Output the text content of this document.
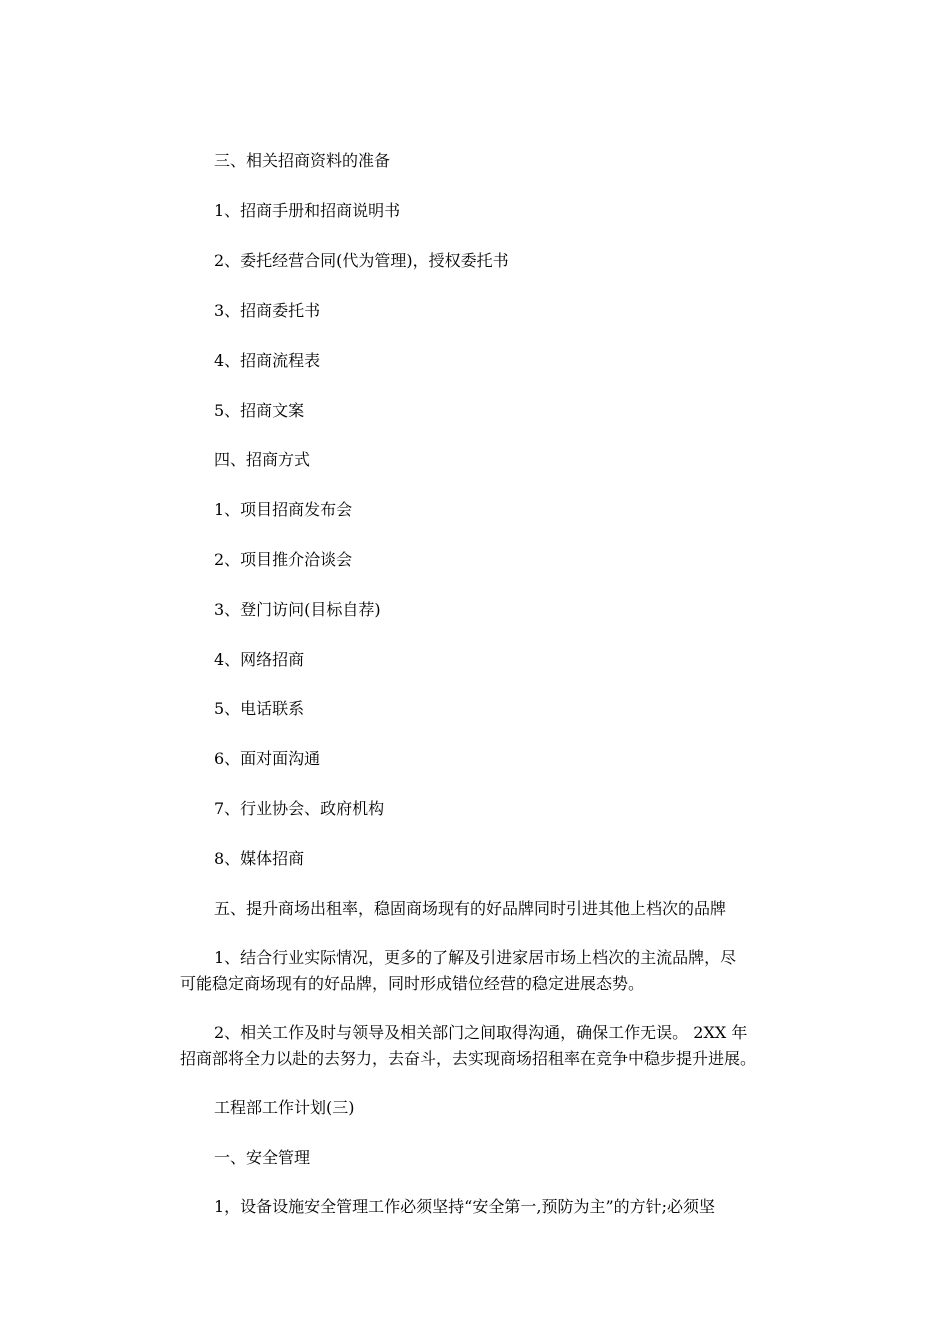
三、相关招商资料的准备
1、招商手册和招商说明书
2、委托经营合同(代为管理)，授权委托书
3、招商委托书
4、招商流程表
5、招商文案
四、招商方式
1、项目招商发布会
2、项目推介洽谈会
3、登门访问(目标自荐)
4、网络招商
5、电话联系
6、面对面沟通
7、行业协会、政府机构
8、媒体招商
五、提升商场出租率，稳固商场现有的好品牌同时引进其他上档次的品牌
1、结合行业实际情况，更多的了解及引进家居市场上档次的主流品牌，尽
可能稳定商场现有的好品牌，同时形成错位经营的稳定进展态势。
2、相关工作及时与领导及相关部门之间取得沟通，确保工作无误。 2XX 年
招商部将全力以赴的去努力，去奋斗，去实现商场招租率在竞争中稳步提升进展。
工程部工作计划(三)
一、安全管理
1，设备设施安全管理工作必须坚持“安全第一,预防为主”的方针;必须坚
